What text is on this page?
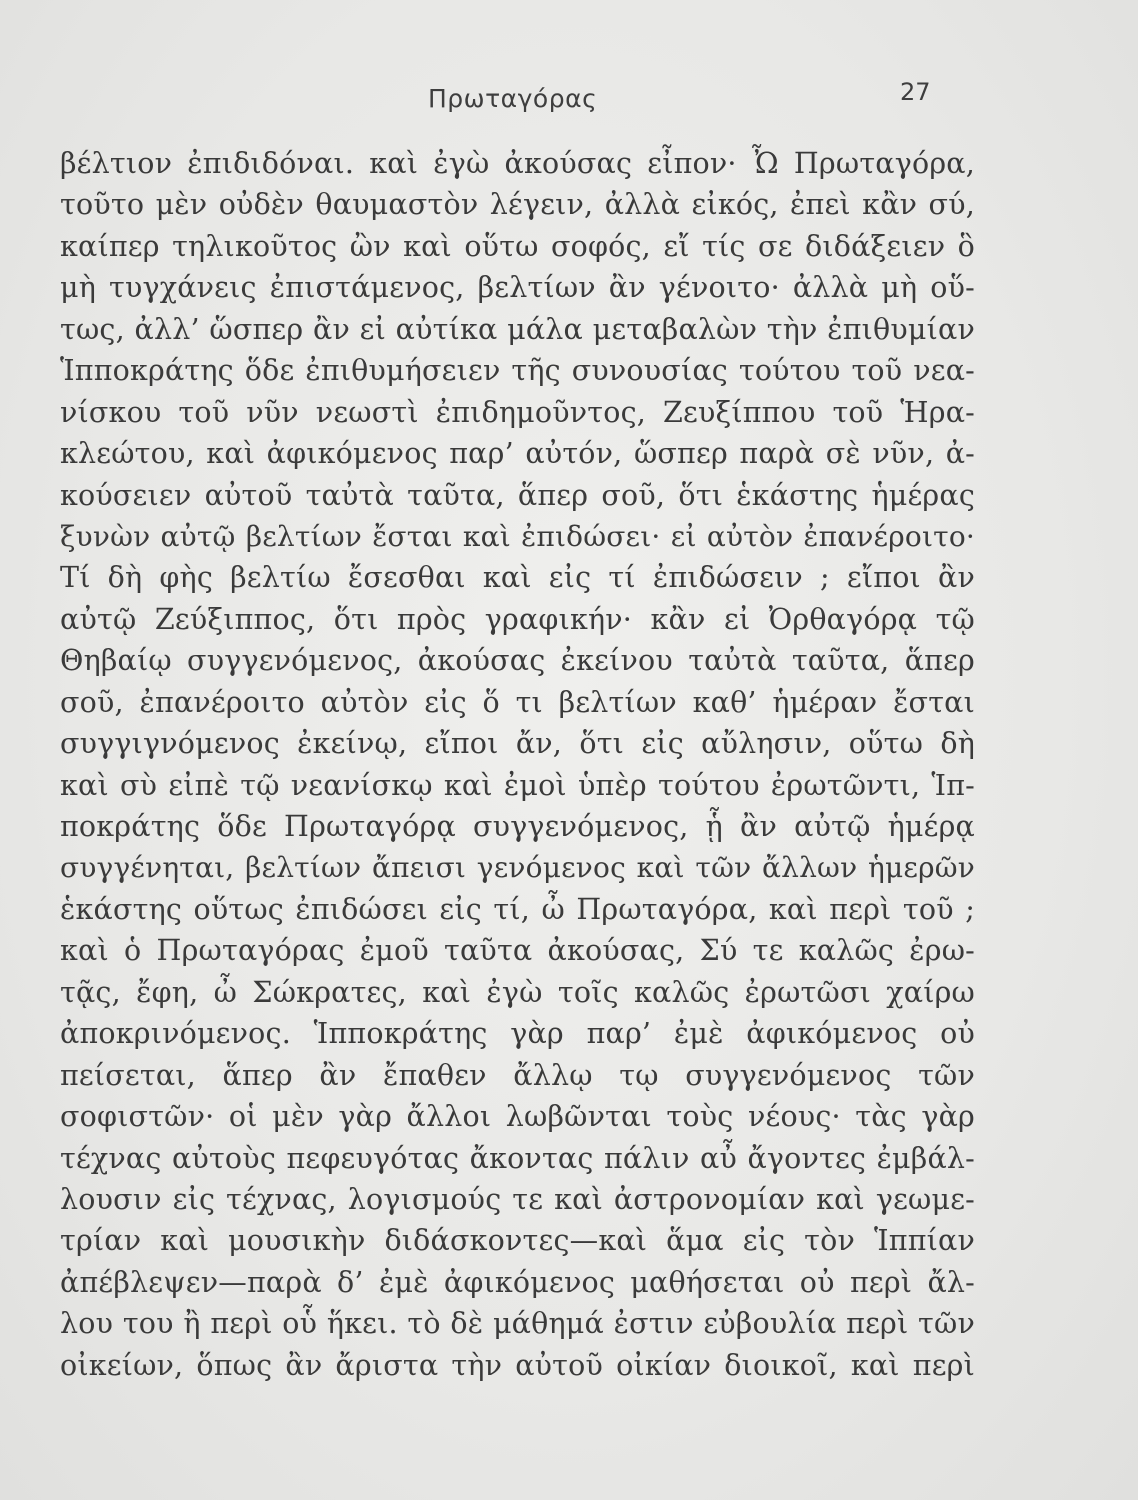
Πρωταγόρας	27
βέλτιον ἐπιδιδόναι. καὶ ἐγὼ ἀκούσας εἶπον· Ὦ Πρωταγόρα,
τοῦτο μὲν οὐδὲν θαυμαστὸν λέγειν, ἀλλὰ εἰκός, ἐπεὶ κἂν σύ,
καίπερ τηλικοῦτος ὢν καὶ οὕτω σοφός, εἴ τίς σε διδάξειεν ὃ
μὴ τυγχάνεις ἐπιστάμενος, βελτίων ἂν γένοιτο· ἀλλὰ μὴ οὕ-
τως, ἀλλ’ ὥσπερ ἂν εἰ αὐτίκα μάλα μεταβαλὼν τὴν ἐπιθυμίαν
Ἱπποκράτης ὅδε ἐπιθυμήσειεν τῆς συνουσίας τούτου τοῦ νεα-
νίσκου τοῦ νῦν νεωστὶ ἐπιδημοῦντος, Ζευξίππου τοῦ Ἡρα-
κλεώτου, καὶ ἀφικόμενος παρ’ αὐτόν, ὥσπερ παρὰ σὲ νῦν, ἀ-
κούσειεν αὐτοῦ ταὐτὰ ταῦτα, ἅπερ σοῦ, ὅτι ἑκάστης ἡμέρας
ξυνὼν αὐτῷ βελτίων ἔσται καὶ ἐπιδώσει· εἰ αὐτὸν ἐπανέροιτο·
Τί δὴ φὴς βελτίω ἔσεσθαι καὶ εἰς τί ἐπιδώσειν ; εἴποι ἂν
αὐτῷ Ζεύξιππος, ὅτι πρὸς γραφικήν· κἂν εἰ Ὀρθαγόρᾳ τῷ
Θηβαίῳ συγγενόμενος, ἀκούσας ἐκείνου ταὐτὰ ταῦτα, ἅπερ
σοῦ, ἐπανέροιτο αὐτὸν εἰς ὅ τι βελτίων καθ’ ἡμέραν ἔσται
συγγιγνόμενος ἐκείνῳ, εἴποι ἄν, ὅτι εἰς αὔλησιν, οὕτω δὴ
καὶ σὺ εἰπὲ τῷ νεανίσκῳ καὶ ἐμοὶ ὑπὲρ τούτου ἐρωτῶντι, Ἱπ-
ποκράτης ὅδε Πρωταγόρᾳ συγγενόμενος, ᾗ ἂν αὐτῷ ἡμέρᾳ
συγγένηται, βελτίων ἄπεισι γενόμενος καὶ τῶν ἄλλων ἡμερῶν
ἑκάστης οὕτως ἐπιδώσει εἰς τί, ὦ Πρωταγόρα, καὶ περὶ τοῦ ;
καὶ ὁ Πρωταγόρας ἐμοῦ ταῦτα ἀκούσας, Σύ τε καλῶς ἐρω-
τᾷς, ἔφη, ὦ Σώκρατες, καὶ ἐγὼ τοῖς καλῶς ἐρωτῶσι χαίρω
ἀποκρινόμενος. Ἱπποκράτης γὰρ παρ’ ἐμὲ ἀφικόμενος οὐ
πείσεται, ἅπερ ἂν ἔπαθεν ἄλλῳ τῳ συγγενόμενος τῶν
σοφιστῶν· οἱ μὲν γὰρ ἄλλοι λωβῶνται τοὺς νέους· τὰς γὰρ
τέχνας αὐτοὺς πεφευγότας ἄκοντας πάλιν αὖ ἄγοντες ἐμβάλ-
λουσιν εἰς τέχνας, λογισμούς τε καὶ ἀστρονομίαν καὶ γεωμε-
τρίαν καὶ μουσικὴν διδάσκοντες—καὶ ἅμα εἰς τὸν Ἱππίαν
ἀπέβλεψεν—παρὰ δ’ ἐμὲ ἀφικόμενος μαθήσεται οὐ περὶ ἄλ-
λου του ἢ περὶ οὗ ἥκει. τὸ δὲ μάθημά ἐστιν εὐβουλία περὶ τῶν
οἰκείων, ὅπως ἂν ἄριστα τὴν αὐτοῦ οἰκίαν διοικοῖ, καὶ περὶ
